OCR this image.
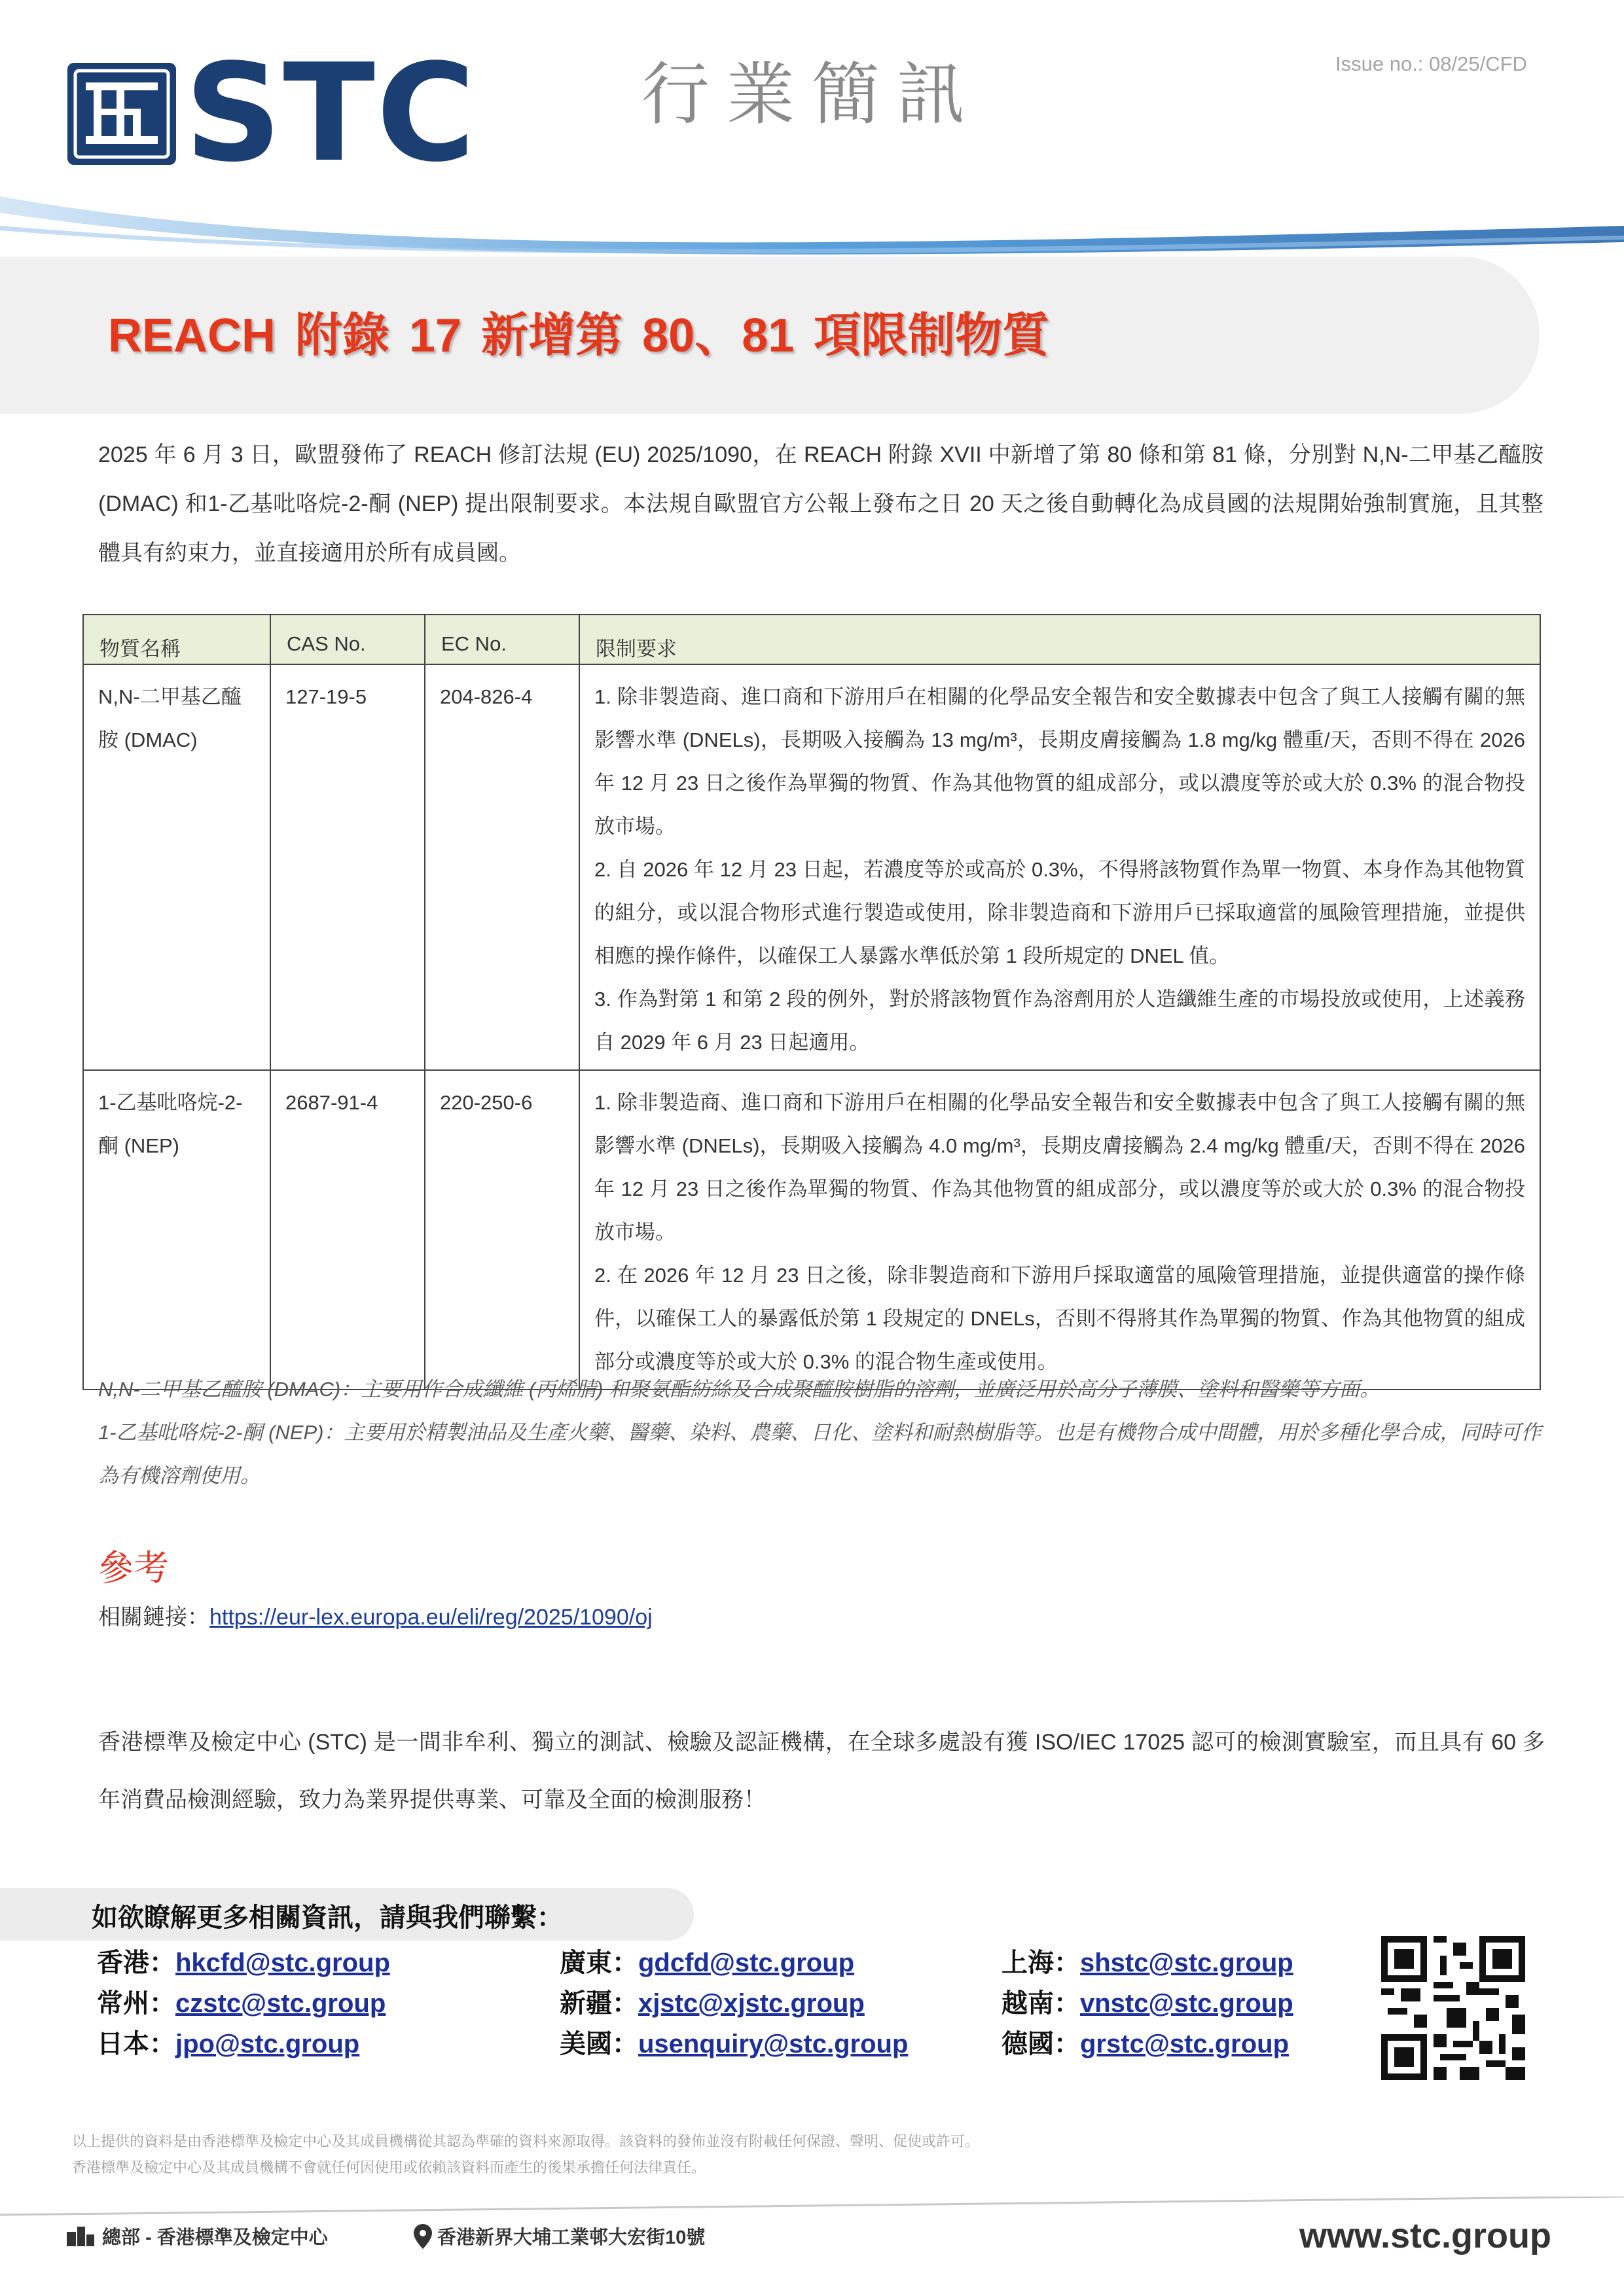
STC 行業簡訊	Issue no.: 08/25/CFD
REACH 附錄 17 新增第 80、81 項限制物質
2025 年 6 月 3 日，歐盟發佈了 REACH 修訂法規 (EU) 2025/1090，在 REACH 附錄 XVII 中新增了第 80 條和第 81 條，分別對 N,N-二甲基乙醯胺 (DMAC) 和1-乙基吡咯烷-2-酮 (NEP) 提出限制要求。本法規自歐盟官方公報上發布之日 20 天之後自動轉化為成員國的法規開始強制實施，且其整體具有約束力，並直接適用於所有成員國。
物質名稱	CAS No.	EC No.	限制要求
N,N-二甲基乙醯胺 (DMAC)	127-19-5	204-826-4	1. 除非製造商、進口商和下游用戶在相關的化學品安全報告和安全數據表中包含了與工人接觸有關的無影響水準 (DNELs)，長期吸入接觸為 13 mg/m³，長期皮膚接觸為 1.8 mg/kg 體重/天，否則不得在 2026 年 12 月 23 日之後作為單獨的物質、作為其他物質的組成部分，或以濃度等於或大於 0.3% 的混合物投放市場。

2. 自 2026 年 12 月 23 日起，若濃度等於或高於 0.3%，不得將該物質作為單一物質、本身作為其他物質的組分，或以混合物形式進行製造或使用，除非製造商和下游用戶已採取適當的風險管理措施，並提供相應的操作條件，以確保工人暴露水準低於第 1 段所規定的 DNEL 值。

3. 作為對第 1 和第 2 段的例外，對於將該物質作為溶劑用於人造纖維生產的市場投放或使用，上述義務自 2029 年 6 月 23 日起適用。

1-乙基吡咯烷-2-酮 (NEP)	2687-91-4	220-250-6	1. 除非製造商、進口商和下游用戶在相關的化學品安全報告和安全數據表中包含了與工人接觸有關的無影響水準 (DNELs)，長期吸入接觸為 4.0 mg/m³，長期皮膚接觸為 2.4 mg/kg 體重/天，否則不得在 2026 年 12 月 23 日之後作為單獨的物質、作為其他物質的組成部分，或以濃度等於或大於 0.3% 的混合物投放市場。

2. 在 2026 年 12 月 23 日之後，除非製造商和下游用戶採取適當的風險管理措施，並提供適當的操作條件，以確保工人的暴露低於第 1 段規定的 DNELs，否則不得將其作為單獨的物質、作為其他物質的組成部分或濃度等於或大於 0.3% 的混合物生產或使用。

N,N-二甲基乙醯胺 (DMAC)：主要用作合成纖維 (丙烯腈) 和聚氨酯紡絲及合成聚醯胺樹脂的溶劑，並廣泛用於高分子薄膜、塗料和醫藥等方面。
1-乙基吡咯烷-2-酮 (NEP)：主要用於精製油品及生產火藥、醫藥、染料、農藥、日化、塗料和耐熱樹脂等。也是有機物合成中間體，用於多種化學合成，同時可作為有機溶劑使用。
參考
相關鏈接：https://eur-lex.europa.eu/eli/reg/2025/1090/oj
香港標準及檢定中心 (STC) 是一間非牟利、獨立的測試、檢驗及認証機構，在全球多處設有獲 ISO/IEC 17025 認可的檢測實驗室，而且具有 60 多年消費品檢測經驗，致力為業界提供專業、可靠及全面的檢測服務！
如欲瞭解更多相關資訊，請與我們聯繫：
香港：hkcfd@stc.group
常州：czstc@stc.group
日本：jpo@stc.group
廣東：gdcfd@stc.group
新疆：xjstc@xjstc.group
美國：usenquiry@stc.group
上海：shstc@stc.group
越南：vnstc@stc.group
德國：grstc@stc.group
以上提供的資料是由香港標準及檢定中心及其成員機構從其認為準確的資料來源取得。該資料的發佈並沒有附載任何保證、聲明、促使或許可。
香港標準及檢定中心及其成員機構不會就任何因使用或依賴該資料而產生的後果承擔任何法律責任。
總部 - 香港標準及檢定中心	香港新界大埔工業邨大宏街10號	www.stc.group
